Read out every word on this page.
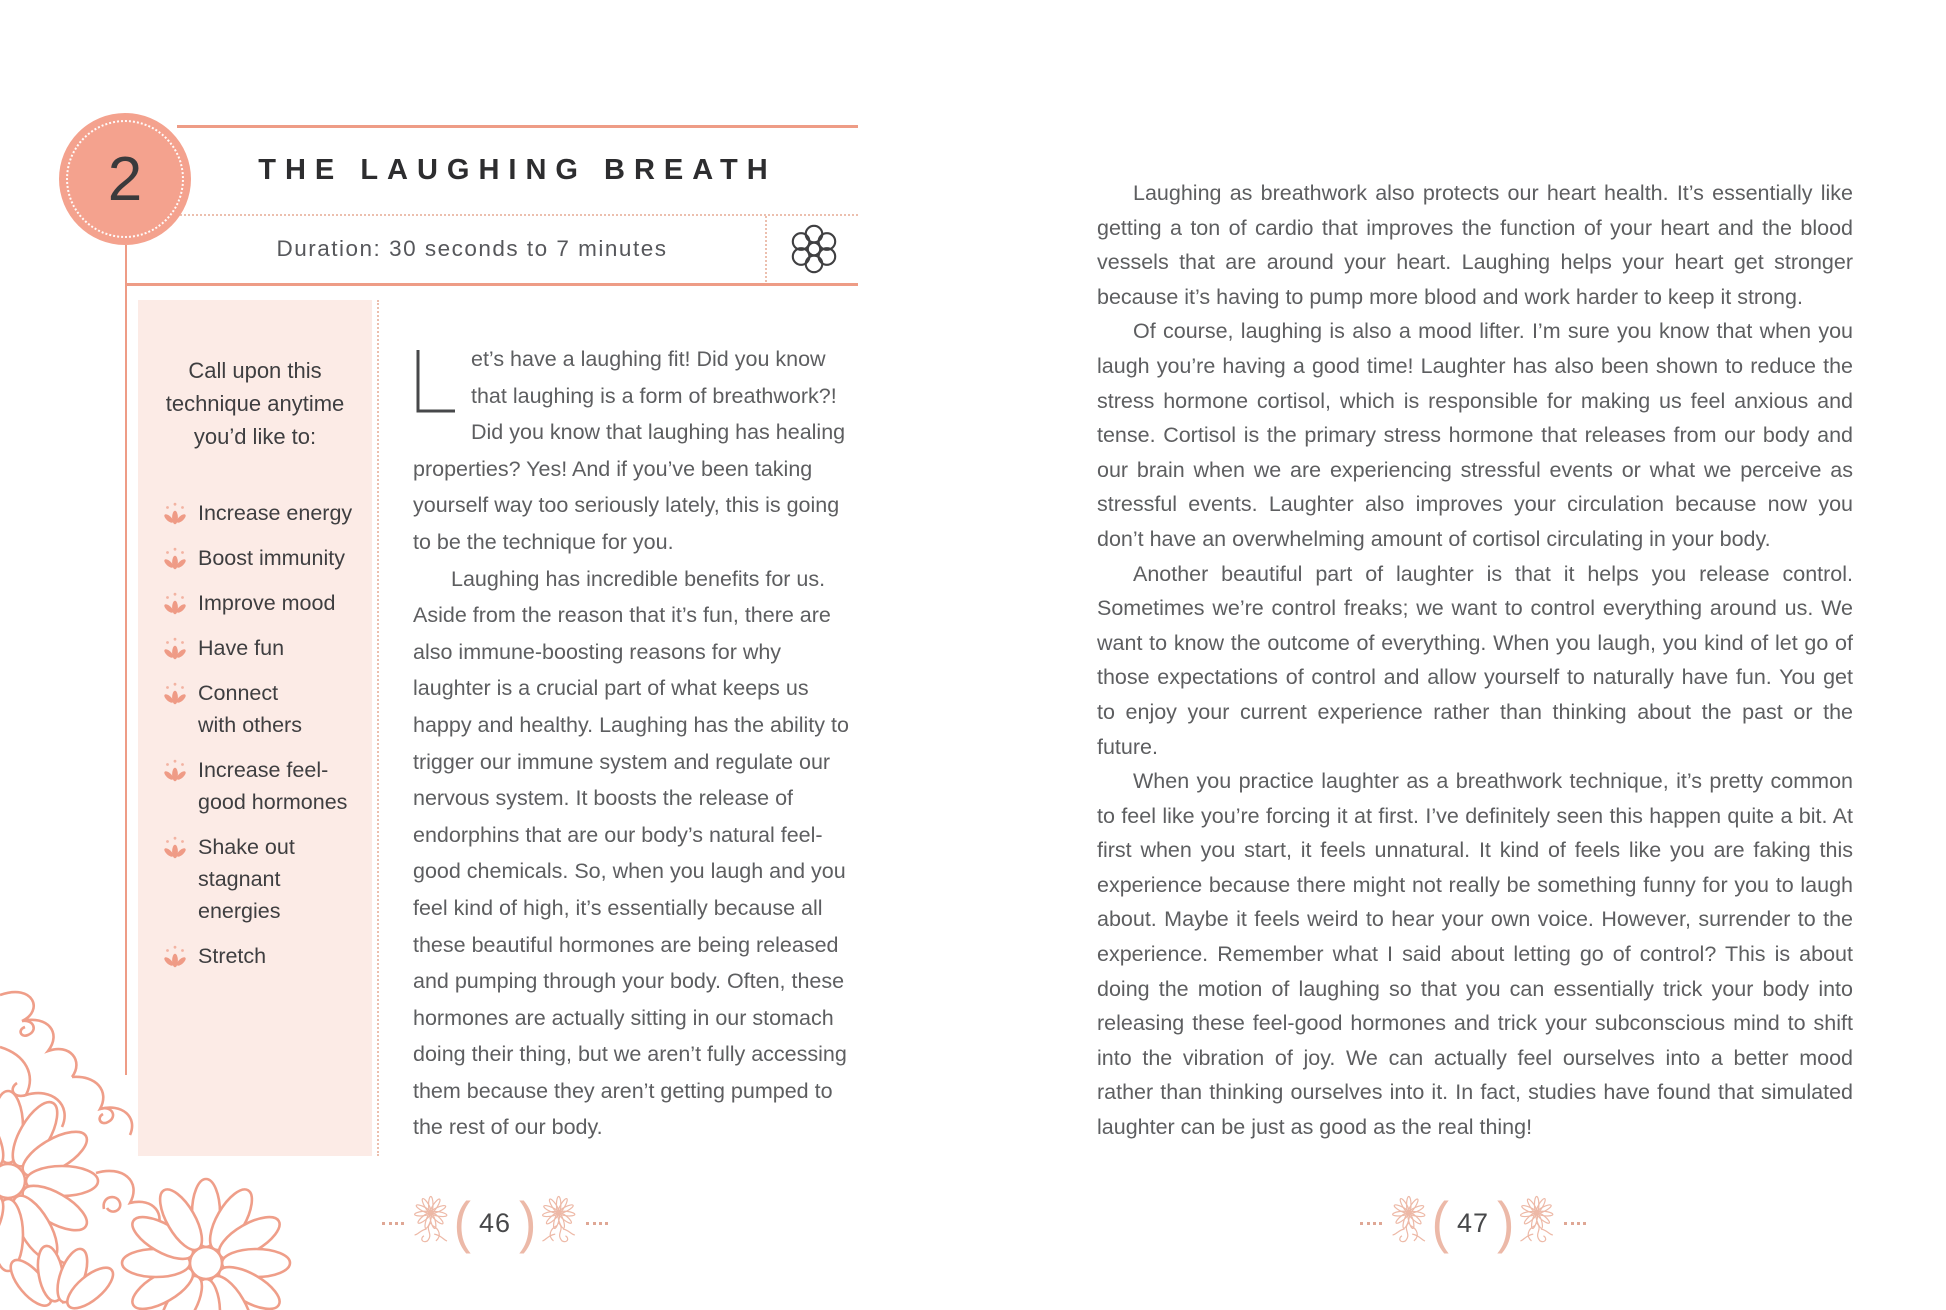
2	THE LAUGHING BREATH
Duration: 30 seconds to 7 minutes

Call upon this technique anytime you’d like to:

Increase energy
Boost immunity
Improve mood
Have fun
Connect with others
Increase feel-good hormones
Shake out stagnant energies
Stretch

et’s have a laughing fit! Did you know that laughing is a form of breathwork?! Did you know that laughing has healing properties? Yes! And if you’ve been taking yourself way too seriously lately, this is going to be the technique for you.

Laughing has incredible benefits for us. Aside from the reason that it’s fun, there are also immune-boosting reasons for why laughter is a crucial part of what keeps us happy and healthy. Laughing has the ability to trigger our immune system and regulate our nervous system. It boosts the release of endorphins that are our body’s natural feel-good chemicals. So, when you laugh and you feel kind of high, it’s essentially because all these beautiful hormones are being released and pumping through your body. Often, these hormones are actually sitting in our stomach doing their thing, but we aren’t fully accessing them because they aren’t getting pumped to the rest of our body.

( 46 )

Laughing as breathwork also protects our heart health. It’s essentially like getting a ton of cardio that improves the function of your heart and the blood vessels that are around your heart. Laughing helps your heart get stronger because it’s having to pump more blood and work harder to keep it strong.

Of course, laughing is also a mood lifter. I’m sure you know that when you laugh you’re having a good time! Laughter has also been shown to reduce the stress hormone cortisol, which is responsible for making us feel anxious and tense. Cortisol is the primary stress hormone that releases from our body and our brain when we are experiencing stressful events or what we perceive as stressful events. Laughter also improves your circulation because now you don’t have an overwhelming amount of cortisol circulating in your body.

Another beautiful part of laughter is that it helps you release control. Sometimes we’re control freaks; we want to control everything around us. We want to know the outcome of everything. When you laugh, you kind of let go of those expectations of control and allow yourself to naturally have fun. You get to enjoy your current experience rather than thinking about the past or the future.

When you practice laughter as a breathwork technique, it’s pretty common to feel like you’re forcing it at first. I’ve definitely seen this happen quite a bit. At first when you start, it feels unnatural. It kind of feels like you are faking this experience because there might not really be something funny for you to laugh about. Maybe it feels weird to hear your own voice. However, surrender to the experience. Remember what I said about letting go of control? This is about doing the motion of laughing so that you can essentially trick your body into releasing these feel-good hormones and trick your subconscious mind to shift into the vibration of joy. We can actually feel ourselves into a better mood rather than thinking ourselves into it. In fact, studies have found that simulated laughter can be just as good as the real thing!

( 47 )
